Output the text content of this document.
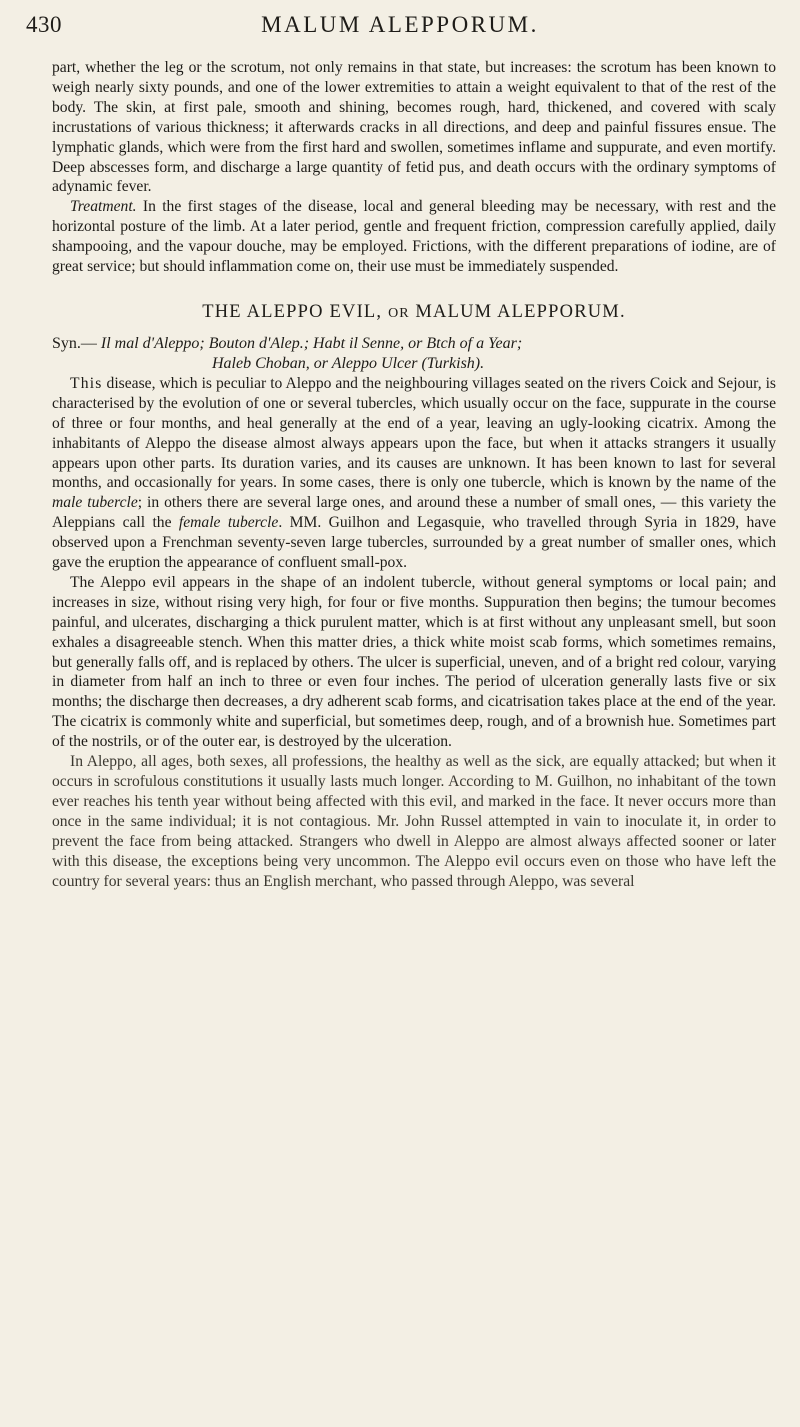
430	MALUM ALEPPORUM.

part, whether the leg or the scrotum, not only remains in that state, but increases: the scrotum has been known to weigh nearly sixty pounds, and one of the lower extremities to attain a weight equivalent to that of the rest of the body. The skin, at first pale, smooth and shining, becomes rough, hard, thickened, and covered with scaly incrustations of various thickness; it afterwards cracks in all directions, and deep and painful fissures ensue. The lymphatic glands, which were from the first hard and swollen, sometimes inflame and suppurate, and even mortify. Deep abscesses form, and discharge a large quantity of fetid pus, and death occurs with the ordinary symptoms of adynamic fever.

Treatment. In the first stages of the disease, local and general bleeding may be necessary, with rest and the horizontal posture of the limb. At a later period, gentle and frequent friction, compression carefully applied, daily shampooing, and the vapour douche, may be employed. Frictions, with the different preparations of iodine, are of great service; but should inflammation come on, their use must be immediately suspended.

THE ALEPPO EVIL, OR MALUM ALEPPORUM.

Syn.— Il mal d'Aleppo; Bouton d'Alep.; Habt il Senne, or Btch of a Year;
Haleb Choban, or Aleppo Ulcer (Turkish).

This disease, which is peculiar to Aleppo and the neighbouring villages seated on the rivers Coick and Sejour, is characterised by the evolution of one or several tubercles, which usually occur on the face, suppurate in the course of three or four months, and heal generally at the end of a year, leaving an ugly-looking cicatrix. Among the inhabitants of Aleppo the disease almost always appears upon the face, but when it attacks strangers it usually appears upon other parts. Its duration varies, and its causes are unknown. It has been known to last for several months, and occasionally for years. In some cases, there is only one tubercle, which is known by the name of the male tubercle; in others there are several large ones, and around these a number of small ones, — this variety the Aleppians call the female tubercle. MM. Guilhon and Legasquie, who travelled through Syria in 1829, have observed upon a Frenchman seventy-seven large tubercles, surrounded by a great number of smaller ones, which gave the eruption the appearance of confluent small-pox.

The Aleppo evil appears in the shape of an indolent tubercle, without general symptoms or local pain; and increases in size, without rising very high, for four or five months. Suppuration then begins; the tumour becomes painful, and ulcerates, discharging a thick purulent matter, which is at first without any unpleasant smell, but soon exhales a disagreeable stench. When this matter dries, a thick white moist scab forms, which sometimes remains, but generally falls off, and is replaced by others. The ulcer is superficial, uneven, and of a bright red colour, varying in diameter from half an inch to three or even four inches. The period of ulceration generally lasts five or six months; the discharge then decreases, a dry adherent scab forms, and cicatrisation takes place at the end of the year. The cicatrix is commonly white and superficial, but sometimes deep, rough, and of a brownish hue. Sometimes part of the nostrils, or of the outer ear, is destroyed by the ulceration.

In Aleppo, all ages, both sexes, all professions, the healthy as well as the sick, are equally attacked; but when it occurs in scrofulous constitutions it usually lasts much longer. According to M. Guilhon, no inhabitant of the town ever reaches his tenth year without being affected with this evil, and marked in the face. It never occurs more than once in the same individual; it is not contagious. Mr. John Russel attempted in vain to inoculate it, in order to prevent the face from being attacked. Strangers who dwell in Aleppo are almost always affected sooner or later with this disease, the exceptions being very uncommon. The Aleppo evil occurs even on those who have left the country for several years: thus an English merchant, who passed through Aleppo, was several
